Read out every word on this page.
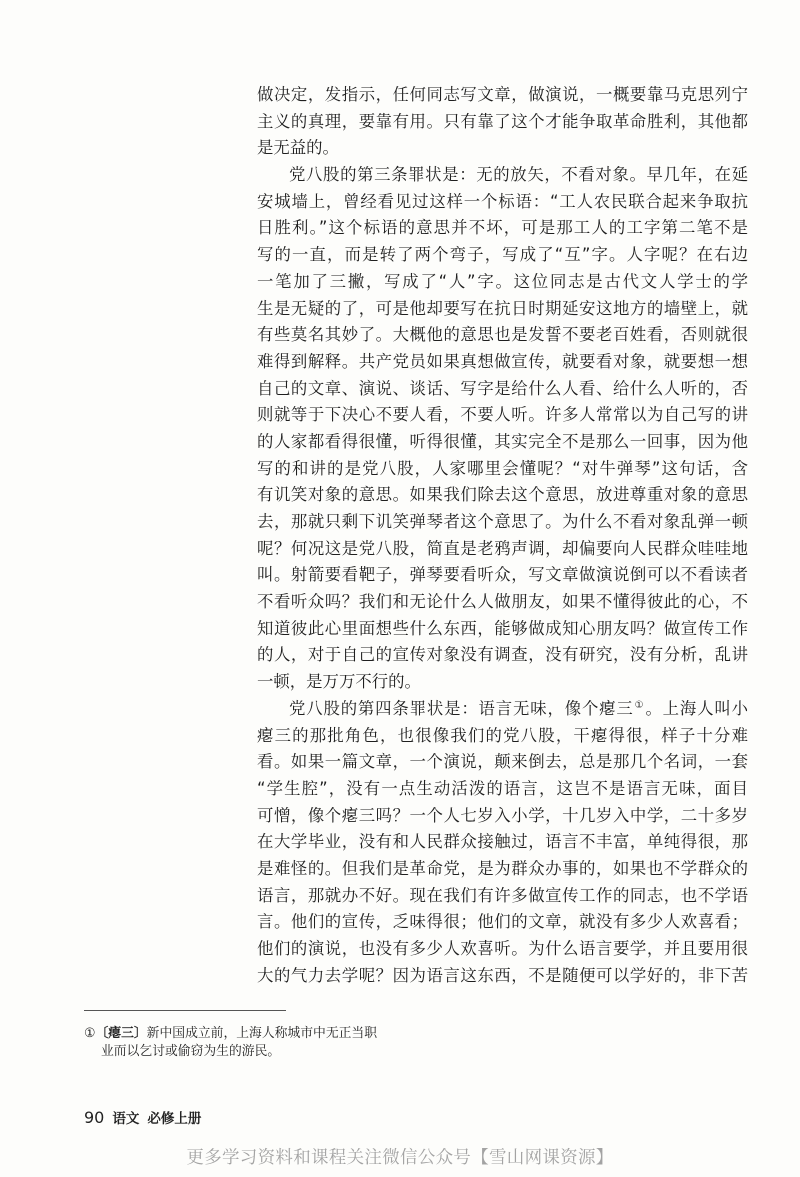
做决定，发指示，任何同志写文章，做演说，一概要靠马克思列宁
主义的真理，要靠有用。只有靠了这个才能争取革命胜利，其他都
是无益的。
党八股的第三条罪状是：无的放矢，不看对象。早几年，在延
安城墙上，曾经看见过这样一个标语：“工人农民联合起来争取抗
日胜利。”这个标语的意思并不坏，可是那工人的工字第二笔不是
写的一直，而是转了两个弯子，写成了“互”字。人字呢？在右边
一笔加了三撇，写成了“人”字。这位同志是古代文人学士的学
生是无疑的了，可是他却要写在抗日时期延安这地方的墙壁上，就
有些莫名其妙了。大概他的意思也是发誓不要老百姓看，否则就很
难得到解释。共产党员如果真想做宣传，就要看对象，就要想一想
自己的文章、演说、谈话、写字是给什么人看、给什么人听的，否
则就等于下决心不要人看，不要人听。许多人常常以为自己写的讲
的人家都看得很懂，听得很懂，其实完全不是那么一回事，因为他
写的和讲的是党八股，人家哪里会懂呢？“对牛弹琴”这句话，含
有讥笑对象的意思。如果我们除去这个意思，放进尊重对象的意思
去，那就只剩下讥笑弹琴者这个意思了。为什么不看对象乱弹一顿
呢？何况这是党八股，简直是老鸦声调，却偏要向人民群众哇哇地
叫。射箭要看靶子，弹琴要看听众，写文章做演说倒可以不看读者
不看听众吗？我们和无论什么人做朋友，如果不懂得彼此的心，不
知道彼此心里面想些什么东西，能够做成知心朋友吗？做宣传工作
的人，对于自己的宣传对象没有调查，没有研究，没有分析，乱讲
一顿，是万万不行的。
党八股的第四条罪状是：语言无味，像个瘪三①。上海人叫小
瘪三的那批角色，也很像我们的党八股，干瘪得很，样子十分难
看。如果一篇文章，一个演说，颠来倒去，总是那几个名词，一套
“学生腔”，没有一点生动活泼的语言，这岂不是语言无味，面目
可憎，像个瘪三吗？一个人七岁入小学，十几岁入中学，二十多岁
在大学毕业，没有和人民群众接触过，语言不丰富，单纯得很，那
是难怪的。但我们是革命党，是为群众办事的，如果也不学群众的
语言，那就办不好。现在我们有许多做宣传工作的同志，也不学语
言。他们的宣传，乏味得很；他们的文章，就没有多少人欢喜看；
他们的演说，也没有多少人欢喜听。为什么语言要学，并且要用很
大的气力去学呢？因为语言这东西，不是随便可以学好的，非下苦
①〔瘪三〕新中国成立前，上海人称城市中无正当职
业而以乞讨或偷窃为生的游民。
90 语文 必修上册
更多学习资料和课程关注微信公众号【雪山网课资源】
